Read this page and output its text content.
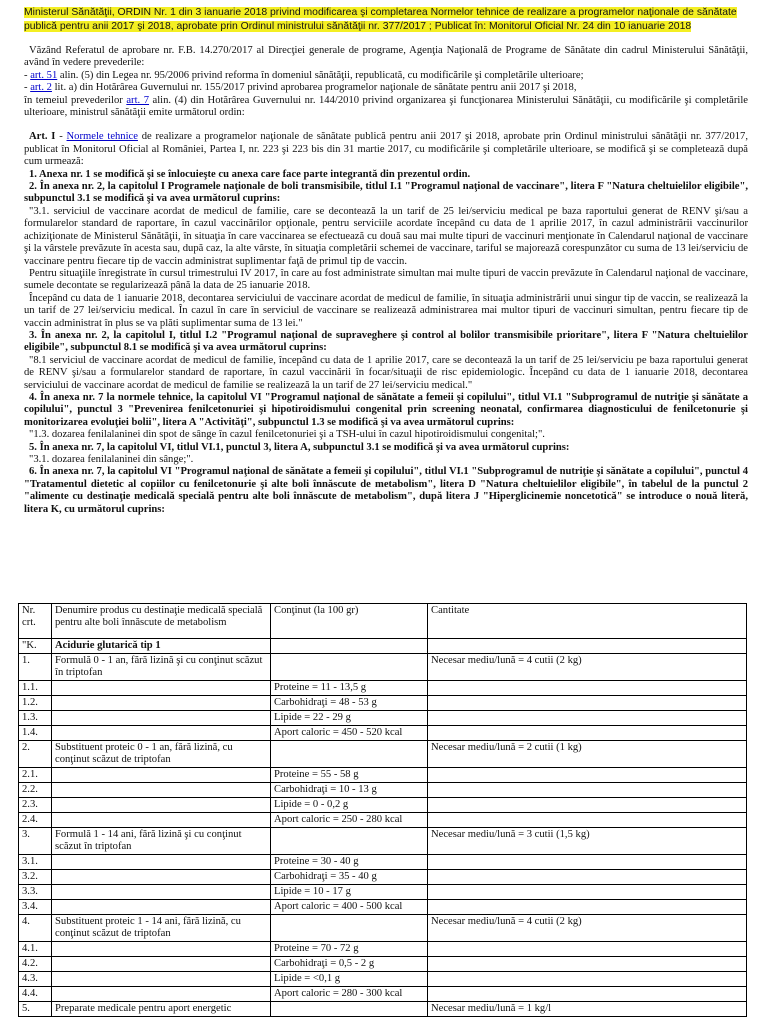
Ministerul Sănătăţii, ORDIN Nr. 1 din 3 ianuarie 2018 privind modificarea şi completarea Normelor tehnice de realizare a programelor naţionale de sănătate publică pentru anii 2017 şi 2018, aprobate prin Ordinul ministrului sănătăţii nr. 377/2017 ; Publicat în: Monitorul Oficial Nr. 24 din 10 ianuarie 2018

Văzând Referatul de aprobare nr. F.B. 14.270/2017 al Direcţiei generale de programe, Agenţia Naţională de Programe de Sănătate din cadrul Ministerului Sănătăţii, având în vedere prevederile:

- art. 51 alin. (5) din Legea nr. 95/2006 privind reforma în domeniul sănătăţii, republicată, cu modificările şi completările ulterioare;

- art. 2 lit. a) din Hotărârea Guvernului nr. 155/2017 privind aprobarea programelor naţionale de sănătate pentru anii 2017 şi 2018,

în temeiul prevederilor art. 7 alin. (4) din Hotărârea Guvernului nr. 144/2010 privind organizarea şi funcţionarea Ministerului Sănătăţii, cu modificările şi completările ulterioare, ministrul sănătăţii emite următorul ordin:

Art. I - Normele tehnice de realizare a programelor naţionale de sănătate publică pentru anii 2017 şi 2018, aprobate prin Ordinul ministrului sănătăţii nr. 377/2017, publicat în Monitorul Oficial al României, Partea I, nr. 223 şi 223 bis din 31 martie 2017, cu modificările şi completările ulterioare, se modifică şi se completează după cum urmează:

1. Anexa nr. 1 se modifică şi se înlocuieşte cu anexa care face parte integrantă din prezentul ordin.

2. În anexa nr. 2, la capitolul I Programele naţionale de boli transmisibile, titlul I.1 "Programul naţional de vaccinare", litera F "Natura cheltuielilor eligibile", subpunctul 3.1 se modifică şi va avea următorul cuprins:

"3.1. serviciul de vaccinare acordat de medicul de familie, care se decontează la un tarif de 25 lei/serviciu medical pe baza raportului generat de RENV şi/sau a formularelor standard de raportare, în cazul vaccinărilor opţionale, pentru serviciile acordate începând cu data de 1 aprilie 2017, în cazul administrării vaccinurilor achiziţionate de Ministerul Sănătăţii, în situaţia în care vaccinarea se efectuează cu două sau mai multe tipuri de vaccinuri menţionate în Calendarul naţional de vaccinare şi la vârstele prevăzute în acesta sau, după caz, la alte vârste, în situaţia completării schemei de vaccinare, tariful se majorează corespunzător cu suma de 13 lei/serviciu de vaccinare pentru fiecare tip de vaccin administrat suplimentar faţă de primul tip de vaccin.

Pentru situaţiile înregistrate în cursul trimestrului IV 2017, în care au fost administrate simultan mai multe tipuri de vaccin prevăzute în Calendarul naţional de vaccinare, sumele decontate se regularizează până la data de 25 ianuarie 2018.

Începând cu data de 1 ianuarie 2018, decontarea serviciului de vaccinare acordat de medicul de familie, în situaţia administrării unui singur tip de vaccin, se realizează la un tarif de 27 lei/serviciu medical. În cazul în care în serviciul de vaccinare se realizează administrarea mai multor tipuri de vaccinuri simultan, pentru fiecare tip de vaccin administrat în plus se va plăti suplimentar suma de 13 lei."

3. În anexa nr. 2, la capitolul I, titlul I.2 "Programul naţional de supraveghere şi control al bolilor transmisibile prioritare", litera F "Natura cheltuielilor eligibile", subpunctul 8.1 se modifică şi va avea următorul cuprins:

"8.1 serviciul de vaccinare acordat de medicul de familie, începând cu data de 1 aprilie 2017, care se decontează la un tarif de 25 lei/serviciu pe baza raportului generat de RENV şi/sau a formularelor standard de raportare, în cazul vaccinării în focar/situaţii de risc epidemiologic. Începând cu data de 1 ianuarie 2018, decontarea serviciului de vaccinare acordat de medicul de familie se realizează la un tarif de 27 lei/serviciu medical."

4. În anexa nr. 7 la normele tehnice, la capitolul VI "Programul naţional de sănătate a femeii şi copilului", titlul VI.1 "Subprogramul de nutriţie şi sănătate a copilului", punctul 3 "Prevenirea fenilcetonuriei şi hipotiroidismului congenital prin screening neonatal, confirmarea diagnosticului de fenilcetonurie şi monitorizarea evoluţiei bolii", litera A "Activităţi", subpunctul 1.3 se modifică şi va avea următorul cuprins:

"1.3. dozarea fenilalaninei din spot de sânge în cazul fenilcetonuriei şi a TSH-ului în cazul hipotiroidismului congenital;".

5. În anexa nr. 7, la capitolul VI, titlul VI.1, punctul 3, litera A, subpunctul 3.1 se modifică şi va avea următorul cuprins:

"3.1. dozarea fenilalaninei din sânge;".

6. În anexa nr. 7, la capitolul VI "Programul naţional de sănătate a femeii şi copilului", titlul VI.1 "Subprogramul de nutriţie şi sănătate a copilului", punctul 4 "Tratamentul dietetic al copiilor cu fenilcetonurie şi alte boli înnăscute de metabolism", litera D "Natura cheltuielilor eligibile", în tabelul de la punctul 2 "alimente cu destinaţie medicală specială pentru alte boli înnăscute de metabolism", după litera J "Hiperglicinemie noncetotică" se introduce o nouă literă, litera K, cu următorul cuprins:

Nr. crt.	Denumire produs cu destinaţie medicală specială pentru alte boli înnăscute de metabolism	Conţinut (la 100 gr)	Cantitate
"K.	Acidurie glutarică tip 1		
1.	Formulă 0 - 1 an, fără lizină şi cu conţinut scăzut în triptofan		Necesar mediu/lună = 4 cutii (2 kg)
1.1.		Proteine = 11 - 13,5 g	
1.2.		Carbohidraţi = 48 - 53 g	
1.3.		Lipide = 22 - 29 g	
1.4.		Aport caloric = 450 - 520 kcal	
2.	Substituent proteic 0 - 1 an, fără lizină, cu conţinut scăzut de triptofan		Necesar mediu/lună = 2 cutii (1 kg)
2.1.		Proteine = 55 - 58 g	
2.2.		Carbohidraţi = 10 - 13 g	
2.3.		Lipide = 0 - 0,2 g	
2.4.		Aport caloric = 250 - 280 kcal	
3.	Formulă 1 - 14 ani, fără lizină şi cu conţinut scăzut în triptofan		Necesar mediu/lună = 3 cutii (1,5 kg)
3.1.		Proteine = 30 - 40 g	
3.2.		Carbohidraţi = 35 - 40 g	
3.3.		Lipide = 10 - 17 g	
3.4.		Aport caloric = 400 - 500 kcal	
4.	Substituent proteic 1 - 14 ani, fără lizină, cu conţinut scăzut de triptofan		Necesar mediu/lună = 4 cutii (2 kg)
4.1.		Proteine = 70 - 72 g	
4.2.		Carbohidraţi = 0,5 - 2 g	
4.3.		Lipide = <0,1 g	
4.4.		Aport caloric = 280 - 300 kcal	
5.	Preparate medicale pentru aport energetic		Necesar mediu/lună = 1 kg/l
